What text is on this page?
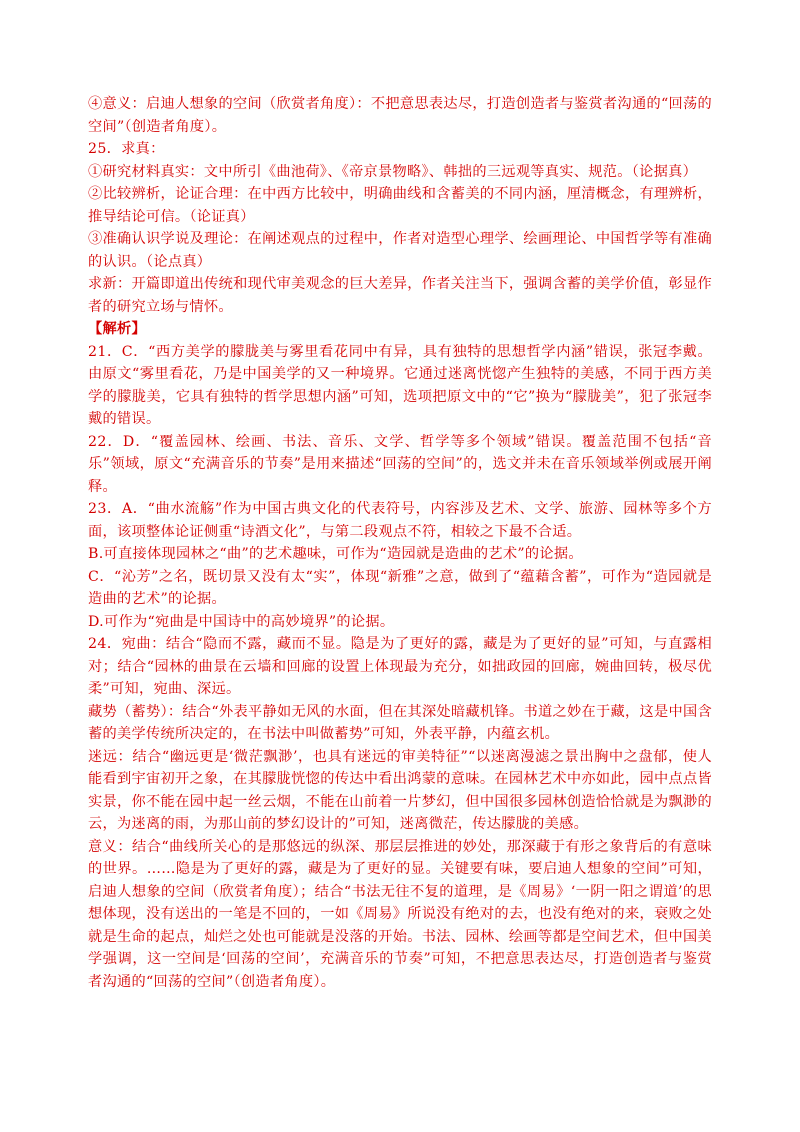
④意义：启迪人想象的空间（欣赏者角度）：不把意思表达尽，打造创造者与鉴赏者沟通的“回荡的空间”（创造者角度）。

25．求真：

①研究材料真实：文中所引《曲池荷》、《帝京景物略》、韩拙的三远观等真实、规范。（论据真）

②比较辨析，论证合理：在中西方比较中，明确曲线和含蓄美的不同内涵，厘清概念，有理辨析，推导结论可信。（论证真）

③准确认识学说及理论：在阐述观点的过程中，作者对造型心理学、绘画理论、中国哲学等有准确的认识。（论点真）

求新：开篇即道出传统和现代审美观念的巨大差异，作者关注当下，强调含蓄的美学价值，彰显作者的研究立场与情怀。

【解析】

21．C．“西方美学的朦胧美与雾里看花同中有异，具有独特的思想哲学内涵”错误，张冠李戴。由原文“雾里看花，乃是中国美学的又一种境界。它通过迷离恍惚产生独特的美感，不同于西方美学的朦胧美，它具有独特的哲学思想内涵”可知，选项把原文中的“它”换为“朦胧美”，犯了张冠李戴的错误。

22．D．“覆盖园林、绘画、书法、音乐、文学、哲学等多个领域”错误。覆盖范围不包括“音乐”领域，原文“充满音乐的节奏”是用来描述“回荡的空间”的，选文并未在音乐领域举例或展开阐释。

23．A．“曲水流觞”作为中国古典文化的代表符号，内容涉及艺术、文学、旅游、园林等多个方面，该项整体论证侧重“诗酒文化”，与第二段观点不符，相较之下最不合适。

B.可直接体现园林之“曲”的艺术趣味，可作为“造园就是造曲的艺术”的论据。

C．“沁芳”之名，既切景又没有太“实”，体现“新雅”之意，做到了“蕴藉含蓄”，可作为“造园就是造曲的艺术”的论据。

D.可作为“宛曲是中国诗中的高妙境界”的论据。

24．宛曲：结合“隐而不露，藏而不显。隐是为了更好的露，藏是为了更好的显”可知，与直露相对；结合“园林的曲景在云墙和回廊的设置上体现最为充分，如拙政园的回廊，婉曲回转，极尽优柔”可知，宛曲、深远。

藏势（蓄势）：结合“外表平静如无风的水面，但在其深处暗藏机锋。书道之妙在于藏，这是中国含蓄的美学传统所决定的，在书法中叫做蓄势”可知，外表平静，内蕴玄机。

迷远：结合“幽远更是‘微茫飘渺’，也具有迷远的审美特征”“以迷离漫滤之景出胸中之盘郁，使人能看到宇宙初开之象，在其朦胧恍惚的传达中看出鸿蒙的意味。在园林艺术中亦如此，园中点点皆实景，你不能在园中起一丝云烟，不能在山前着一片梦幻，但中国很多园林创造恰恰就是为飘渺的云，为迷离的雨，为那山前的梦幻设计的”可知，迷离微茫，传达朦胧的美感。

意义：结合“曲线所关心的是那悠远的纵深、那层层推进的妙处，那深藏于有形之象背后的有意味的世界。……隐是为了更好的露，藏是为了更好的显。关键要有味，要启迪人想象的空间”可知，启迪人想象的空间（欣赏者角度）；结合“书法无往不复的道理，是《周易》‘一阴一阳之谓道’的思想体现，没有送出的一笔是不回的，一如《周易》所说没有绝对的去，也没有绝对的来，衰败之处就是生命的起点，灿烂之处也可能就是没落的开始。书法、园林、绘画等都是空间艺术，但中国美学强调，这一空间是‘回荡的空间’，充满音乐的节奏”可知，不把意思表达尽，打造创造者与鉴赏者沟通的“回荡的空间”（创造者角度）。
